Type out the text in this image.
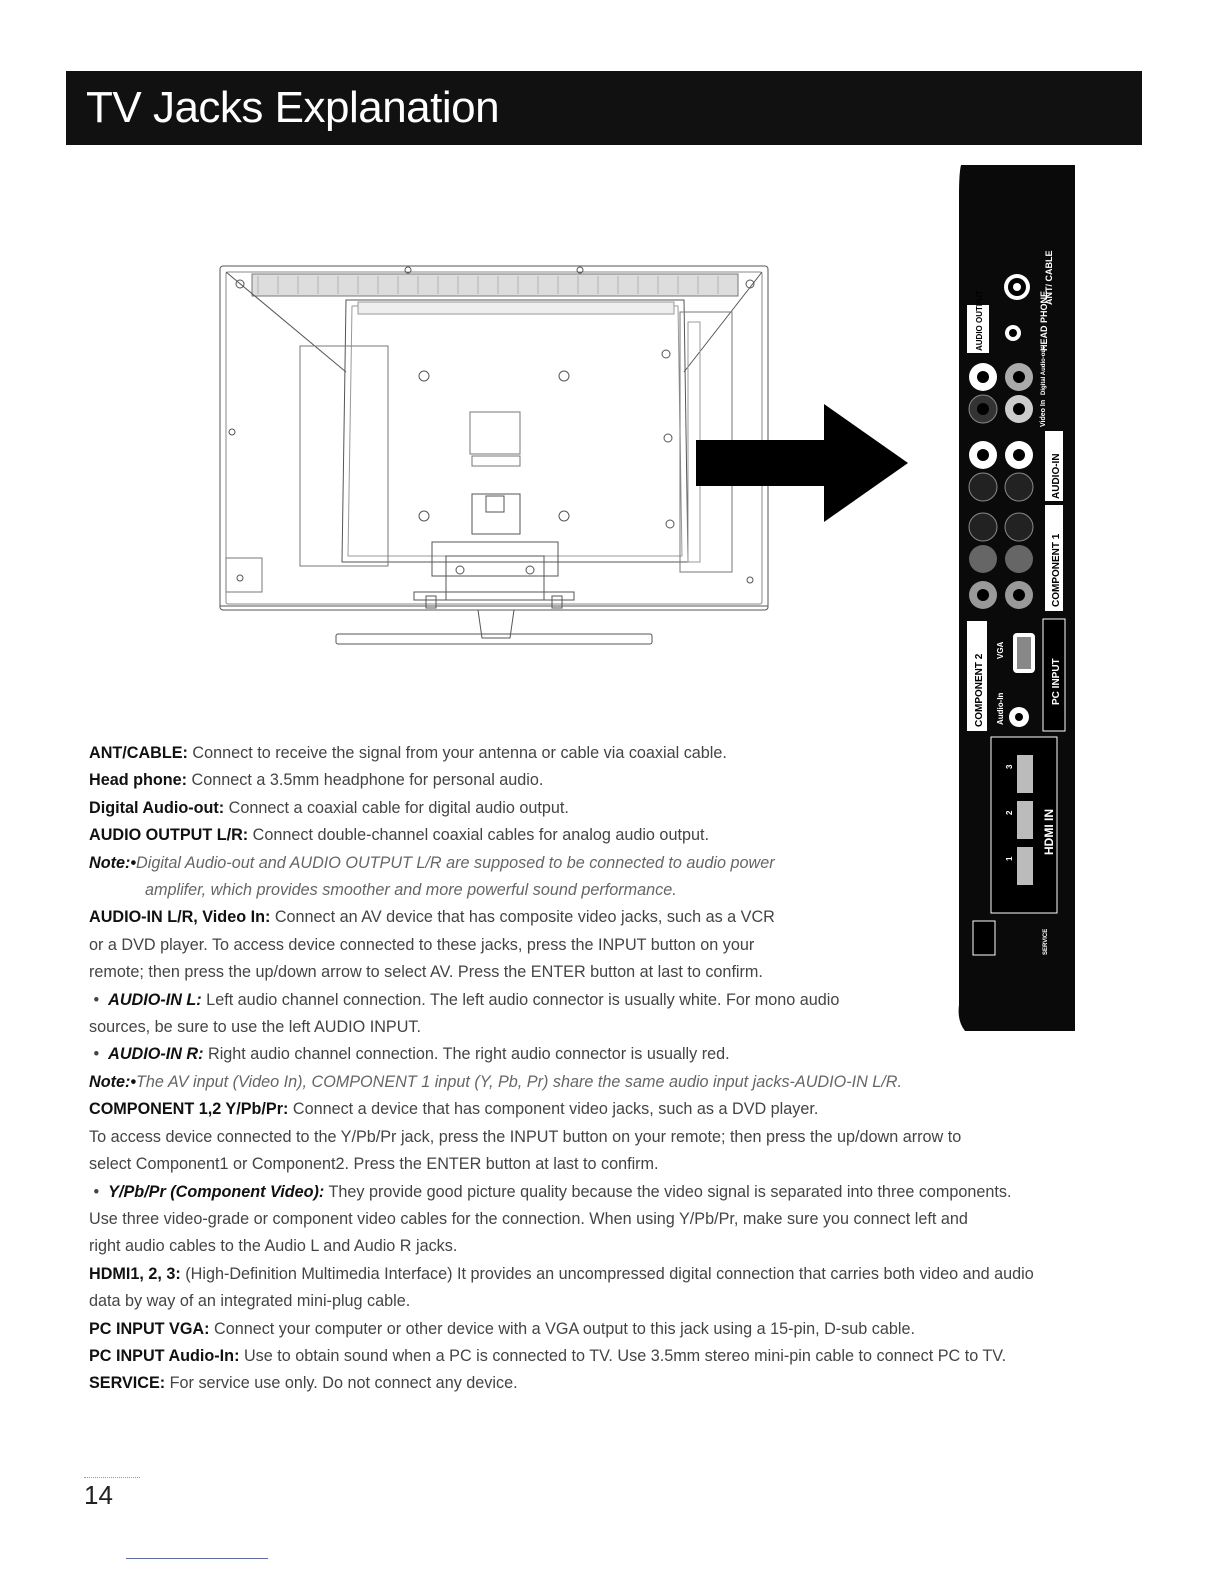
TV Jacks Explanation
ANT/ CABLE
AUDIO OUTPUT	HEAD PHONE
Digital Audio-out
Video In
AUDIO-IN
COMPONENT 1
COMPONENT 2
VGA
PC INPUT
Audio-In
3
2
1
HDMI IN
SERVICE

ANT/CABLE: Connect to receive the signal from your antenna or cable via coaxial cable.

Head phone: Connect a 3.5mm headphone for personal audio.

Digital Audio-out: Connect a coaxial cable for digital audio output.

AUDIO OUTPUT L/R: Connect double-channel coaxial cables for analog audio output.

Note:•Digital Audio-out and AUDIO OUTPUT L/R are supposed to be connected to audio power

amplifer, which provides smoother and more powerful sound performance.

AUDIO-IN L/R, Video In: Connect an AV device that has composite video jacks, such as a VCR

or a DVD player. To access device connected to these jacks, press the INPUT button on your

remote; then press the up/down arrow to select AV. Press the ENTER button at last to confirm.

•  AUDIO-IN L: Left audio channel connection. The left audio connector is usually white. For mono audio

sources, be sure to use the left AUDIO INPUT.

•  AUDIO-IN R: Right audio channel connection. The right audio connector is usually red.

Note:•The AV input (Video In), COMPONENT 1 input (Y, Pb, Pr) share the same audio input jacks-AUDIO-IN L/R.

COMPONENT 1,2 Y/Pb/Pr: Connect a device that has component video jacks, such as a DVD player.

To access device connected to the Y/Pb/Pr jack, press the INPUT button on your remote; then press the up/down arrow to

select Component1 or Component2. Press the ENTER button at last to confirm.

•  Y/Pb/Pr (Component Video): They provide good picture quality because the video signal is separated into three components.

Use three video-grade or component video cables for the connection. When using Y/Pb/Pr, make sure you connect left and

right audio cables to the Audio L and Audio R jacks.

HDMI1, 2, 3: (High-Definition Multimedia Interface) It provides an uncompressed digital connection that carries both video and audio

data by way of an integrated mini-plug cable.

PC INPUT VGA: Connect your computer or other device with a VGA output to this jack using a 15-pin, D-sub cable.

PC INPUT Audio-In: Use to obtain sound when a PC is connected to TV. Use 3.5mm stereo mini-pin cable to connect PC to TV.

SERVICE: For service use only. Do not connect any device.

14
